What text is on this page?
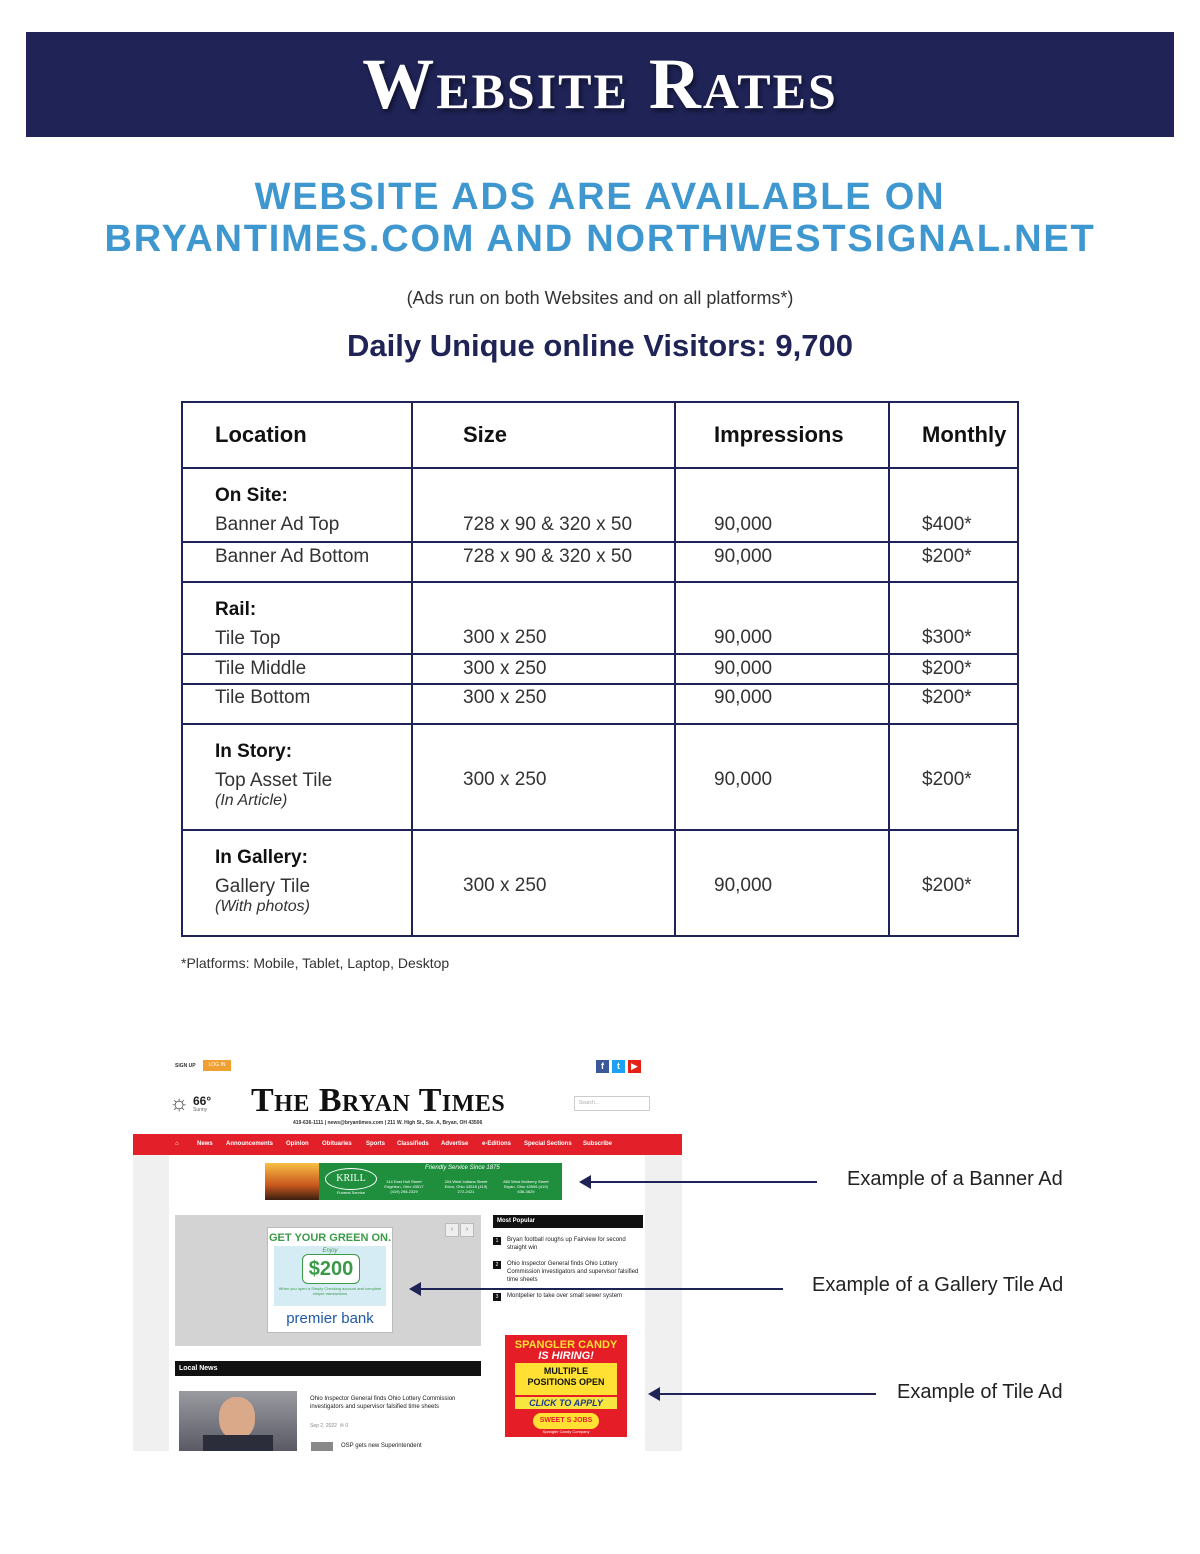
Website Rates
WEBSITE ADS ARE AVAILABLE ON
BRYANTIMES.COM AND NORTHWESTSIGNAL.NET
(Ads run on both Websites and on all platforms*)
Daily Unique online Visitors: 9,700
Location	Size	Impressions	Monthly

On Site:
Banner Ad Top	728 x 90 & 320 x 50	90,000	$400*

Banner Ad Bottom	728 x 90 & 320 x 50	90,000	$200*

Rail:
Tile Top	300 x 250	90,000	$300*

Tile Middle	300 x 250	90,000	$200*

Tile Bottom	300 x 250	90,000	$200*

In Story:
Top Asset Tile
(In Article)	300 x 250	90,000	$200*

In Gallery:
Gallery Tile
(With photos)	300 x 250	90,000	$200*
*Platforms: Mobile, Tablet, Laptop, Desktop
SIGN UP	LOG IN	f	t	▶
☼ 66°
Sunny The Bryan Times
419-636-1111 | news@bryantimes.com | 211 W. High St., Ste. A, Bryan, OH 43506
Search...
⌂	News Announcements Opinion Obituaries Sports Classifieds Advertise e-Editions Special Sections Subscribe
KRILL
Funeral Service
Friendly Service Since 1875
114 East Hull Street Edgerton, Ohio 43517 (419) 298-2329
204 West Indiana Street Edon, Ohio 43518 (419) 272-2421
860 West Mulberry Street Bryan, Ohio 43506 (419) 636-3629
GET YOUR GREEN ON.
Enjoy
$200
When you open a Simply Checking account and complete simple transactions
premier bank
‹	›
Most Popular
1	Bryan football roughs up Fairview for second straight win
2	Ohio Inspector General finds Ohio Lottery Commission investigators and supervisor falsified time sheets
3	Montpelier to take over small sewer system
SPANGLER CANDY
IS HIRING!
MULTIPLE
POSITIONS OPEN
CLICK TO APPLY
SWEET S JOBS
Spangler Candy Company
Local News
Ohio Inspector General finds Ohio Lottery Commission investigators and supervisor falsified time sheets
Sep 2, 2022 ✉ 0
OSP gets new Superintendent
Example of a Banner Ad
Example of a Gallery Tile Ad
Example of Tile Ad
